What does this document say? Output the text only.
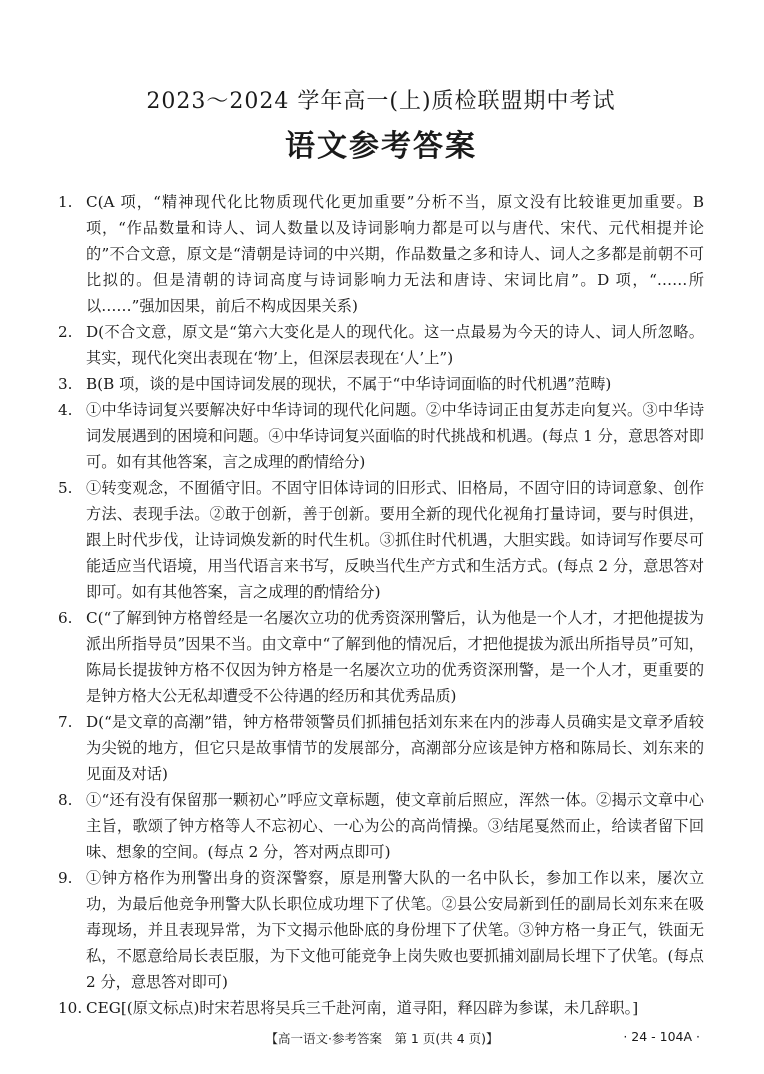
2023～2024 学年高一(上)质检联盟期中考试
语文参考答案
1. C(A 项，“精神现代化比物质现代化更加重要”分析不当，原文没有比较谁更加重要。B 项，“作品数量和诗人、词人数量以及诗词影响力都是可以与唐代、宋代、元代相提并论的”不合文意，原文是“清朝是诗词的中兴期，作品数量之多和诗人、词人之多都是前朝不可比拟的。但是清朝的诗词高度与诗词影响力无法和唐诗、宋词比肩”。D 项，“……所以……”强加因果，前后不构成因果关系)
2. D(不合文意，原文是“第六大变化是人的现代化。这一点最易为今天的诗人、词人所忽略。其实，现代化突出表现在‘物’上，但深层表现在‘人’上”)
3. B(B 项，谈的是中国诗词发展的现状，不属于“中华诗词面临的时代机遇”范畴)
4. ①中华诗词复兴要解决好中华诗词的现代化问题。②中华诗词正由复苏走向复兴。③中华诗词发展遇到的困境和问题。④中华诗词复兴面临的时代挑战和机遇。(每点 1 分，意思答对即可。如有其他答案，言之成理的酌情给分)
5. ①转变观念，不囿循守旧。不固守旧体诗词的旧形式、旧格局，不固守旧的诗词意象、创作方法、表现手法。②敢于创新，善于创新。要用全新的现代化视角打量诗词，要与时俱进，跟上时代步伐，让诗词焕发新的时代生机。③抓住时代机遇，大胆实践。如诗词写作要尽可能适应当代语境，用当代语言来书写，反映当代生产方式和生活方式。(每点 2 分，意思答对即可。如有其他答案，言之成理的酌情给分)
6. C(“了解到钟方格曾经是一名屡次立功的优秀资深刑警后，认为他是一个人才，才把他提拔为派出所指导员”因果不当。由文章中“了解到他的情况后，才把他提拔为派出所指导员”可知，陈局长提拔钟方格不仅因为钟方格是一名屡次立功的优秀资深刑警，是一个人才，更重要的是钟方格大公无私却遭受不公待遇的经历和其优秀品质)
7. D(“是文章的高潮”错，钟方格带领警员们抓捕包括刘东来在内的涉毒人员确实是文章矛盾较为尖锐的地方，但它只是故事情节的发展部分，高潮部分应该是钟方格和陈局长、刘东来的见面及对话)
8. ①“还有没有保留那一颗初心”呼应文章标题，使文章前后照应，浑然一体。②揭示文章中心主旨，歌颂了钟方格等人不忘初心、一心为公的高尚情操。③结尾戛然而止，给读者留下回味、想象的空间。(每点 2 分，答对两点即可)
9. ①钟方格作为刑警出身的资深警察，原是刑警大队的一名中队长，参加工作以来，屡次立功，为最后他竞争刑警大队长职位成功埋下了伏笔。②县公安局新到任的副局长刘东来在吸毒现场，并且表现异常，为下文揭示他卧底的身份埋下了伏笔。③钟方格一身正气，铁面无私，不愿意给局长表臣服，为下文他可能竞争上岗失败也要抓捕刘副局长埋下了伏笔。(每点 2 分，意思答对即可)
10. CEG[(原文标点)时宋若思将吴兵三千赴河南，道寻阳，释囚辟为参谋，未几辞职。]
【高一语文·参考答案　第 1 页(共 4 页)】	· 24 - 104A ·
